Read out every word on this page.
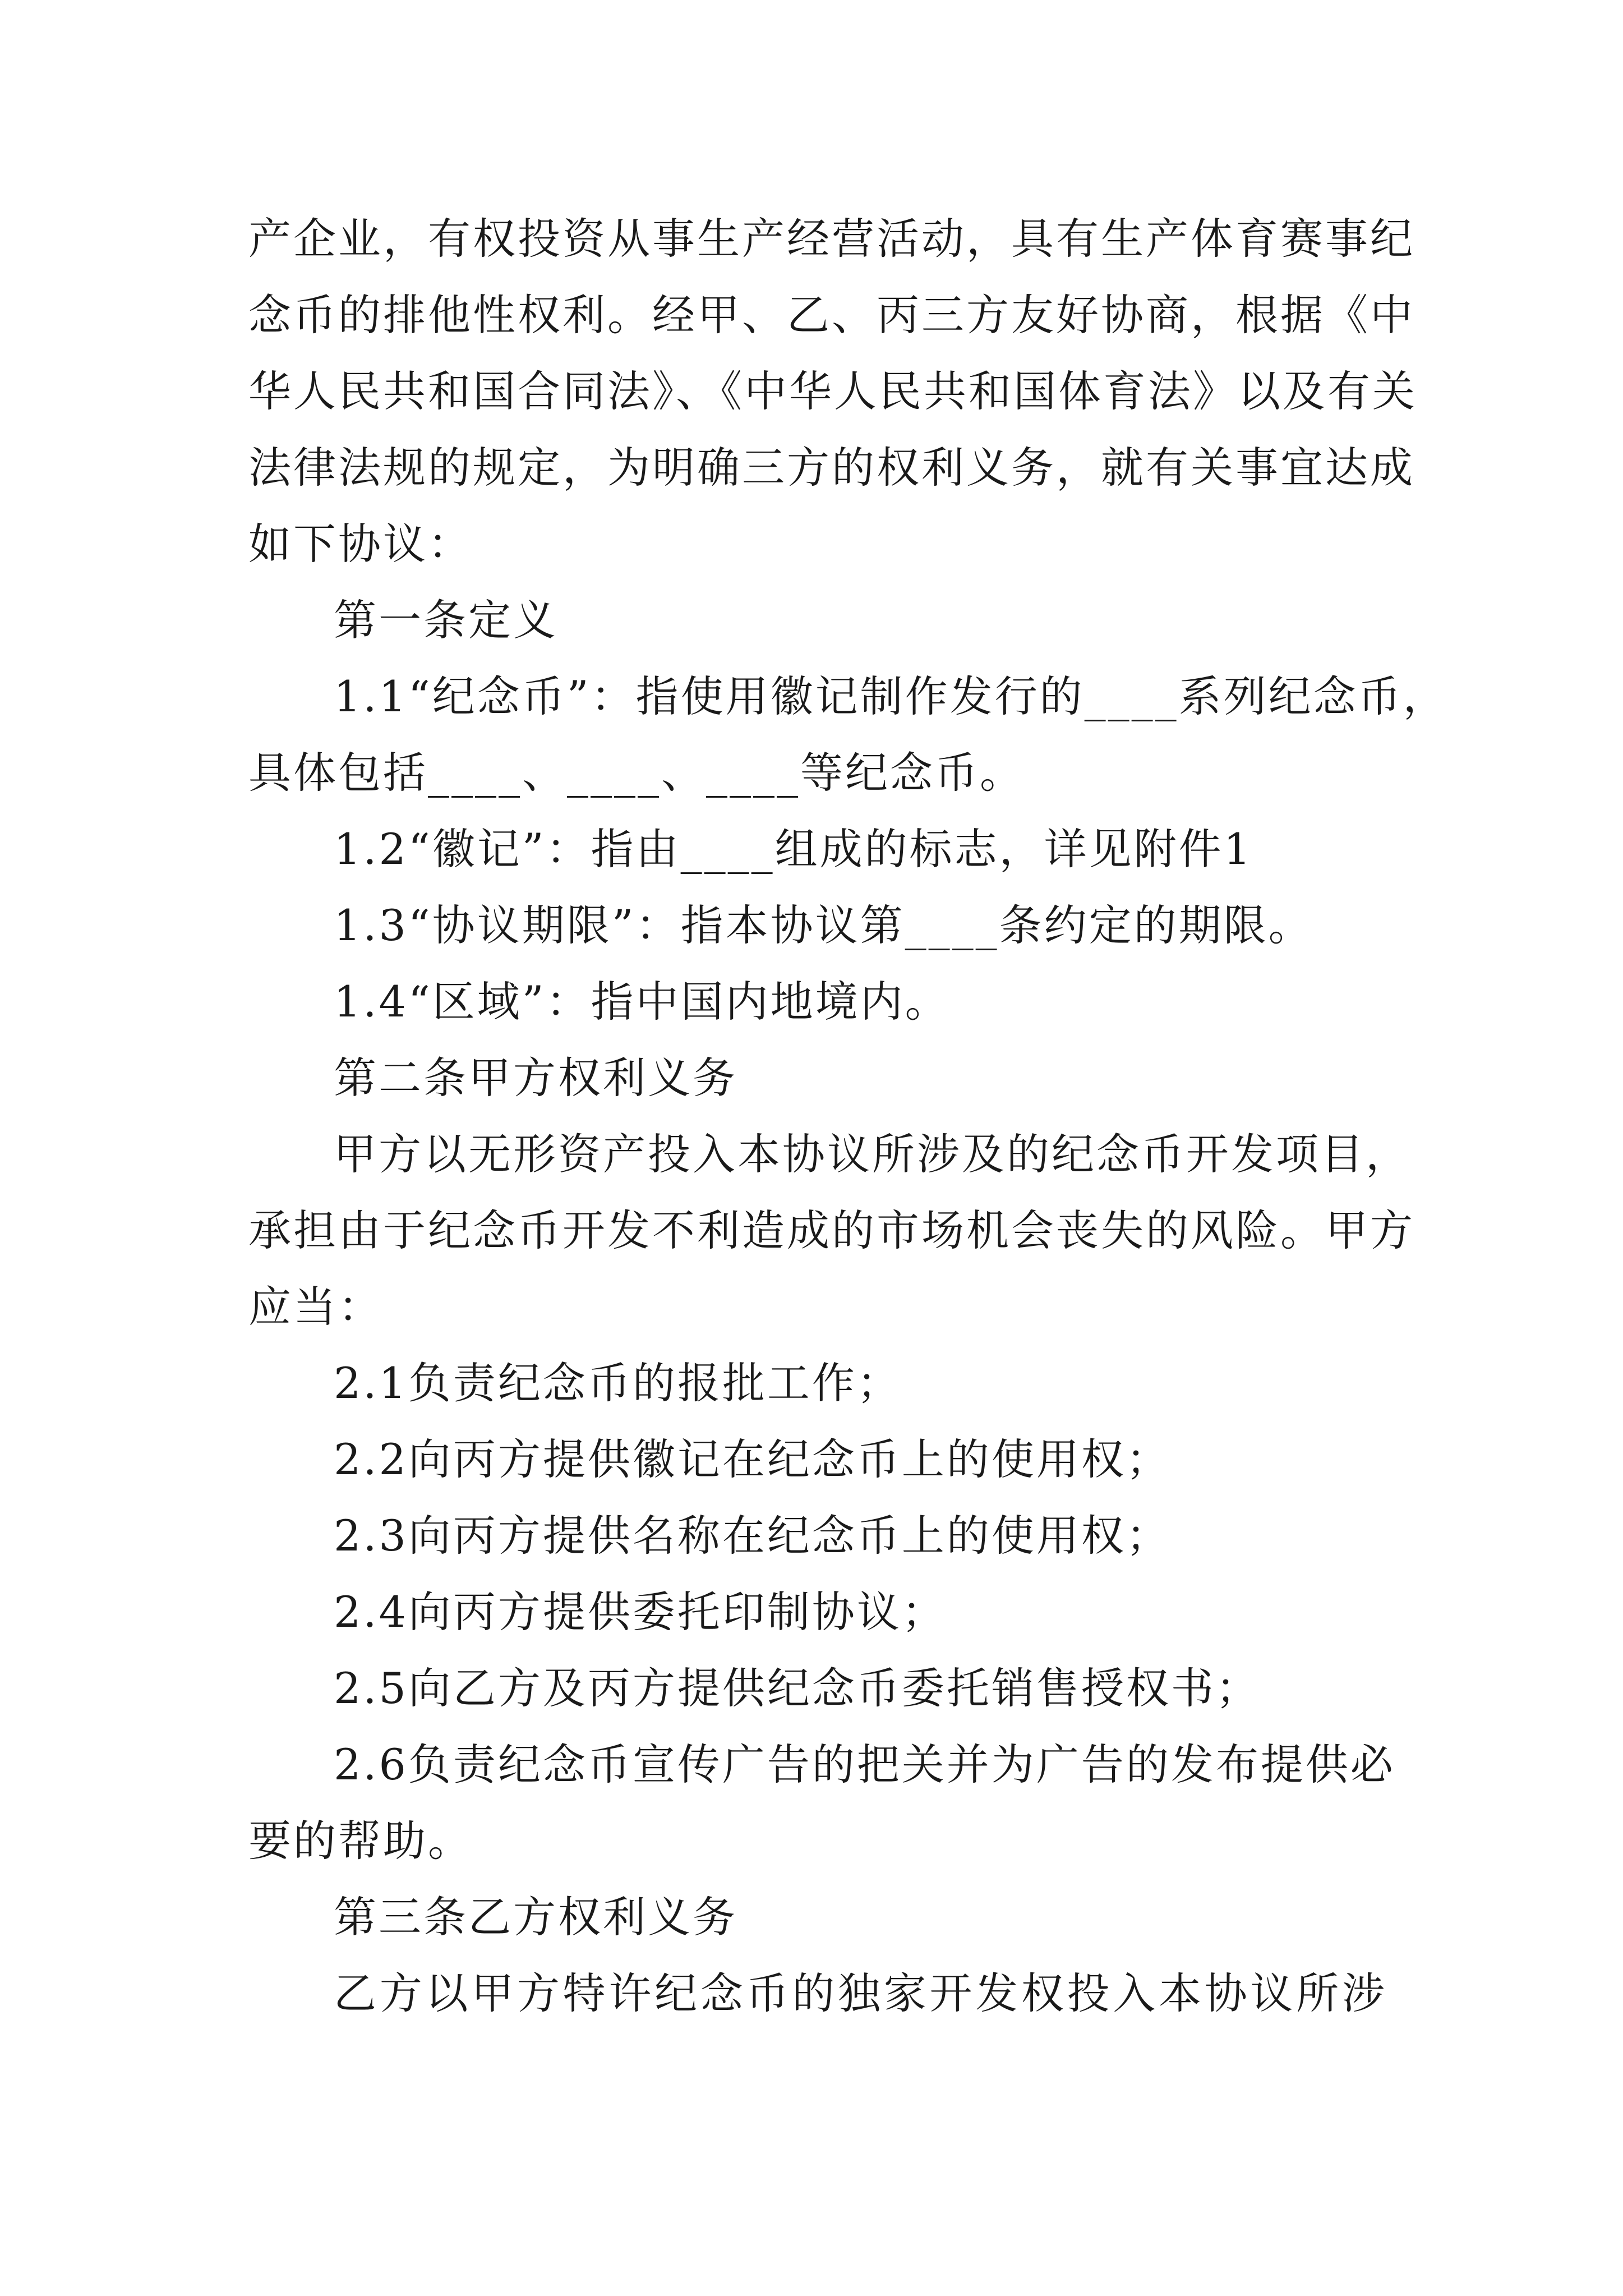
产企业，有权投资从事生产经营活动，具有生产体育赛事纪
念币的排他性权利。经甲、乙、丙三方友好协商，根据《中
华人民共和国合同法》、《中华人民共和国体育法》以及有关
法律法规的规定，为明确三方的权利义务，就有关事宜达成
如下协议：
第一条定义
1.1“纪念币”：指使用徽记制作发行的____系列纪念币，
具体包括____、____、____等纪念币。
1.2“徽记”：指由____组成的标志，详见附件1
1.3“协议期限”：指本协议第____条约定的期限。
1.4“区域”：指中国内地境内。
第二条甲方权利义务
甲方以无形资产投入本协议所涉及的纪念币开发项目，
承担由于纪念币开发不利造成的市场机会丧失的风险。甲方
应当：
2.1负责纪念币的报批工作；
2.2向丙方提供徽记在纪念币上的使用权；
2.3向丙方提供名称在纪念币上的使用权；
2.4向丙方提供委托印制协议；
2.5向乙方及丙方提供纪念币委托销售授权书；
2.6负责纪念币宣传广告的把关并为广告的发布提供必
要的帮助。
第三条乙方权利义务
乙方以甲方特许纪念币的独家开发权投入本协议所涉
